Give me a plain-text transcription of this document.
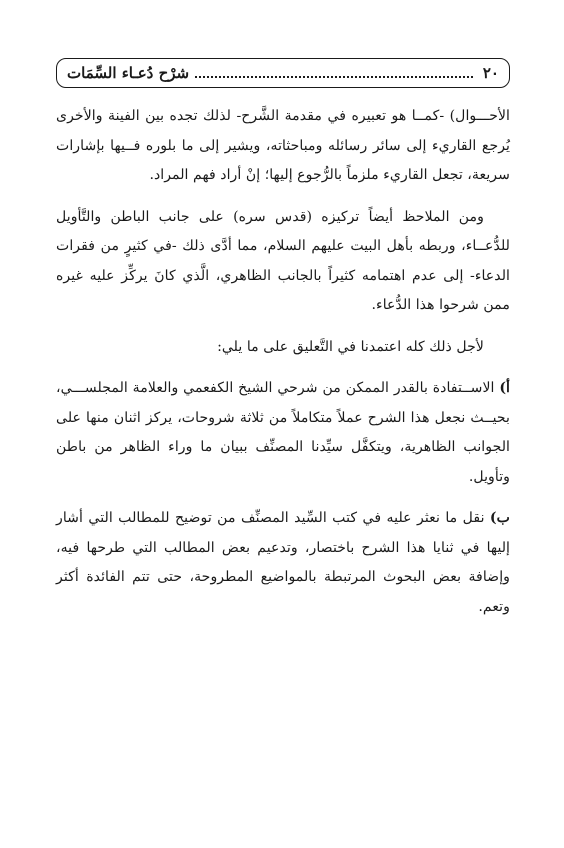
٢٠
شرْح دُعـاء السِّمَات

الأحـــوال) -كمــا هو تعبيره في مقدمة الشَّرح- لذلك تجده بين الفينة والأخرى يُرجع القاريء إلى سائر رسائله ومباحثاته، ويشير إلى ما بلوره فــيها بإشارات سريعة، تجعل القاريء ملزماً بالرُّجوع إليها؛ إنْ أراد فهم المراد.

ومن الملاحظ أيضاً تركيزه (قدس سره) على جانب الباطن والتَّأويل للدُّعــاء، وربطه بأهل البيت عليهم السلام، مما أدَّى ذلك -في كثيرٍ من فقرات الدعاء- إلى عدم اهتمامه كثيراً بالجانب الظاهري، الَّذي كانَ يركِّز عليه غيره ممن شرحوا هذا الدُّعاء.

لأجل ذلك كله اعتمدنا في التَّعليق على ما يلي:

أ) الاســتفادة بالقدر الممكن من شرحي الشيخ الكفعمي والعلامة المجلســـي، بحيــث نجعل هذا الشرح عملاً متكاملاً من ثلاثة شروحات، يركز اثنان منها على الجوانب الظاهرية، ويتكفَّل سيِّدنا المصنِّف ببيان ما وراء الظاهر من باطن وتأويل.

ب) نقل ما نعثر عليه في كتب السِّيد المصنِّف من توضيح للمطالب التي أشار إليها في ثنايا هذا الشرح باختصار، وتدعيم بعض المطالب التي طرحها فيه، وإضافة بعض البحوث المرتبطة بالمواضيع المطروحة، حتى تتم الفائدة أكثر وتعم.
